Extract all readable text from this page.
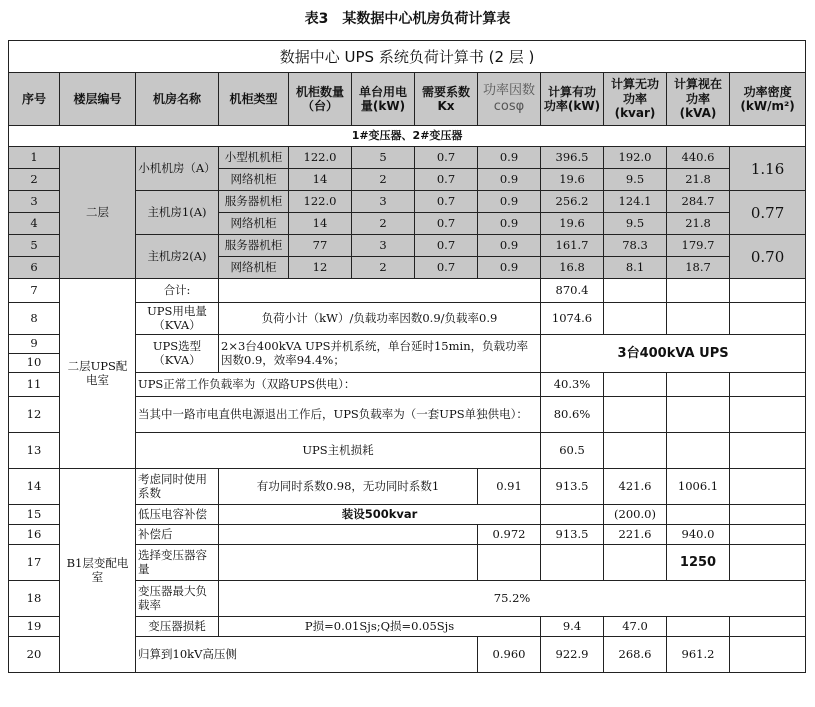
表3　某数据中心机房负荷计算表
数据中心 UPS 系统负荷计算书 (2 层 )											
序号	楼层编号	机房名称	机柜类型	机柜数量（台）	单台用电量(kW)	需要系数 Kx	功率因数 cosφ	计算有功功率(kW)	计算无功功率(kvar)	计算视在功率(kVA)	功率密度(kW/m²)
1#变压器、2#变压器											
1	二层	小机机房（A）	小型机机柜	122.0	5	0.7	0.9	396.5	192.0	440.6	1.16
2			网络机柜	14	2	0.7	0.9	19.6	9.5	21.8	
3		主机房1(A)	服务器机柜	122.0	3	0.7	0.9	256.2	124.1	284.7	0.77
4			网络机柜	14	2	0.7	0.9	19.6	9.5	21.8	
5		主机房2(A)	服务器机柜	77	3	0.7	0.9	161.7	78.3	179.7	0.70
6			网络机柜	12	2	0.7	0.9	16.8	8.1	18.7	
7	二层UPS配电室	合计:						870.4			
8		UPS用电量（KVA）	负荷小计（kW）/负载功率因数0.9/负载率0.9					1074.6			
9		UPS选型（KVA）	2×3台400kVA UPS并机系统，单台延时15min，负载功率因数0.9，效率94.4%；					3台400kVA UPS			
10											
11		UPS正常工作负载率为（双路UPS供电）：						40.3%			
12		当其中一路市电直供电源退出工作后，UPS负载率为（一套UPS单独供电）：						80.6%			
13		UPS主机损耗						60.5			
14	B1层变配电室	考虑同时使用系数	有功同时系数0.98，无功同时系数1				0.91	913.5	421.6	1006.1	
15		低压电容补偿	装设500kvar						(200.0)		
16		补偿后					0.972	913.5	221.6	940.0	
17		选择变压器容量								1250	
18		变压器最大负载率	75.2%								
19		变压器损耗	P损=0.01Sjs;Q损=0.05Sjs					9.4	47.0		
20		归算到10kV高压侧					0.960	922.9	268.6	961.2	
